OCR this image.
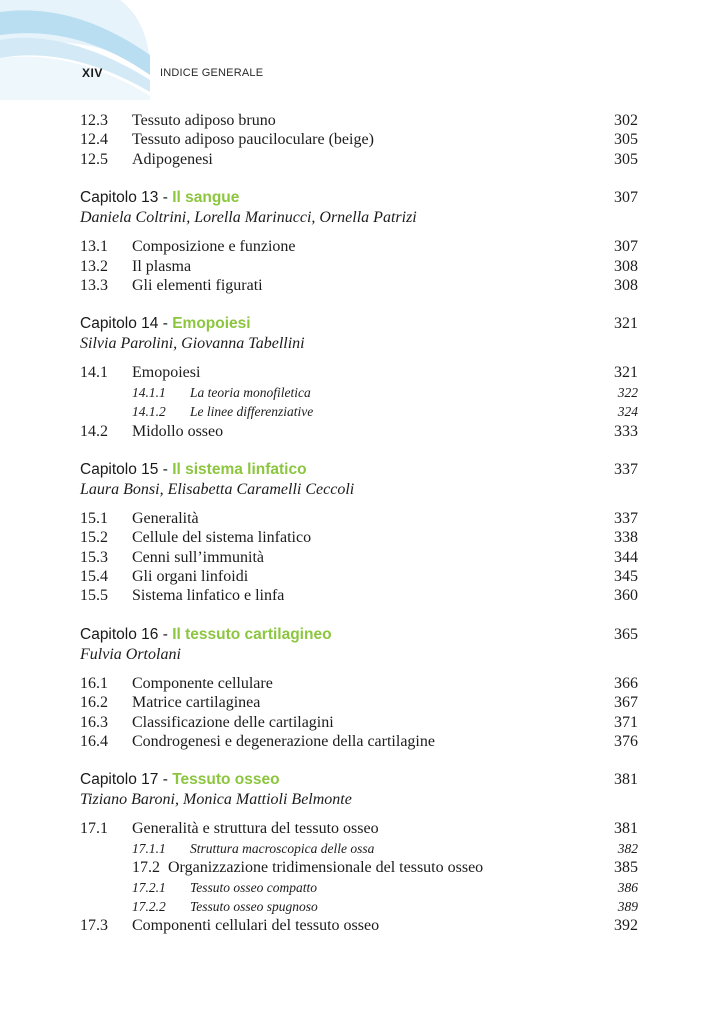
XIV	INDICE GENERALE
12.3 Tessuto adiposo bruno	302
12.4 Tessuto adiposo pauciloculare (beige)	305
12.5 Adipogenesi	305
Capitolo 13 - Il sangue	307
Daniela Coltrini, Lorella Marinucci, Ornella Patrizi
13.1 Composizione e funzione	307
13.2 Il plasma	308
13.3 Gli elementi figurati	308
Capitolo 14 - Emopoiesi	321
Silvia Parolini, Giovanna Tabellini
14.1 Emopoiesi	321
14.1.1 La teoria monofiletica	322
14.1.2 Le linee differenziative	324
14.2 Midollo osseo	333
Capitolo 15 - Il sistema linfatico	337
Laura Bonsi, Elisabetta Caramelli Ceccoli
15.1 Generalità	337
15.2 Cellule del sistema linfatico	338
15.3 Cenni sull’immunità	344
15.4 Gli organi linfoidi	345
15.5 Sistema linfatico e linfa	360
Capitolo 16 - Il tessuto cartilagineo	365
Fulvia Ortolani
16.1 Componente cellulare	366
16.2 Matrice cartilaginea	367
16.3 Classificazione delle cartilagini	371
16.4 Condrogenesi e degenerazione della cartilagine	376
Capitolo 17 - Tessuto osseo	381
Tiziano Baroni, Monica Mattioli Belmonte
17.1 Generalità e struttura del tessuto osseo	381
17.1.1 Struttura macroscopica delle ossa	382
17.2 Organizzazione tridimensionale del tessuto osseo	385
17.2.1 Tessuto osseo compatto	386
17.2.2 Tessuto osseo spugnoso	389
17.3 Componenti cellulari del tessuto osseo	392
